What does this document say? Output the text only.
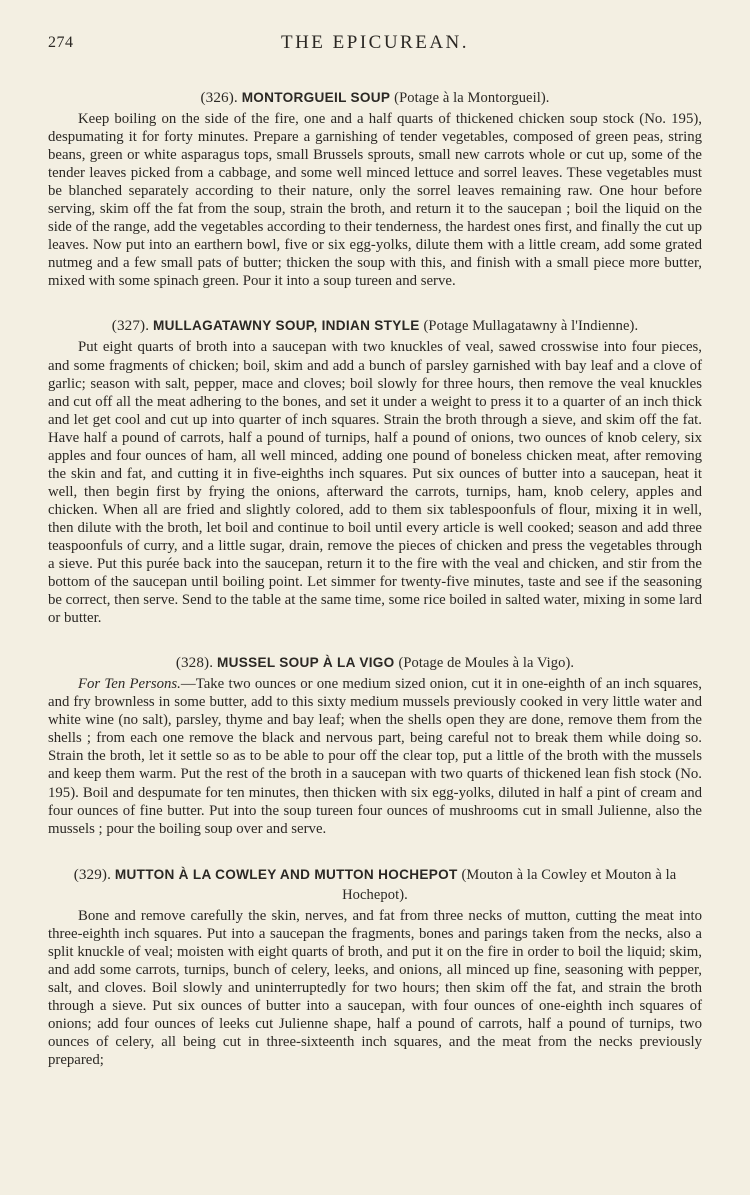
274	THE EPICUREAN.
(326). MONTORGUEIL SOUP (Potage à la Montorgueil).

Keep boiling on the side of the fire, one and a half quarts of thickened chicken soup stock (No. 195), despumating it for forty minutes. Prepare a garnishing of tender vegetables, composed of green peas, string beans, green or white asparagus tops, small Brussels sprouts, small new carrots whole or cut up, some of the tender leaves picked from a cabbage, and some well minced lettuce and sorrel leaves. These vegetables must be blanched separately according to their nature, only the sorrel leaves remaining raw. One hour before serving, skim off the fat from the soup, strain the broth, and return it to the saucepan ; boil the liquid on the side of the range, add the vegetables according to their tenderness, the hardest ones first, and finally the cut up leaves. Now put into an earthern bowl, five or six egg-yolks, dilute them with a little cream, add some grated nutmeg and a few small pats of butter; thicken the soup with this, and finish with a small piece more butter, mixed with some spinach green. Pour it into a soup tureen and serve.

(327). MULLAGATAWNY SOUP, INDIAN STYLE (Potage Mullagatawny à l'Indienne).

Put eight quarts of broth into a saucepan with two knuckles of veal, sawed crosswise into four pieces, and some fragments of chicken; boil, skim and add a bunch of parsley garnished with bay leaf and a clove of garlic; season with salt, pepper, mace and cloves; boil slowly for three hours, then remove the veal knuckles and cut off all the meat adhering to the bones, and set it under a weight to press it to a quarter of an inch thick and let get cool and cut up into quarter of inch squares. Strain the broth through a sieve, and skim off the fat. Have half a pound of carrots, half a pound of turnips, half a pound of onions, two ounces of knob celery, six apples and four ounces of ham, all well minced, adding one pound of boneless chicken meat, after removing the skin and fat, and cutting it in five-eighths inch squares. Put six ounces of butter into a saucepan, heat it well, then begin first by frying the onions, afterward the carrots, turnips, ham, knob celery, apples and chicken. When all are fried and slightly colored, add to them six tablespoonfuls of flour, mixing it in well, then dilute with the broth, let boil and continue to boil until every article is well cooked; season and add three teaspoonfuls of curry, and a little sugar, drain, remove the pieces of chicken and press the vegetables through a sieve. Put this purée back into the saucepan, return it to the fire with the veal and chicken, and stir from the bottom of the saucepan until boiling point. Let simmer for twenty-five minutes, taste and see if the seasoning be correct, then serve. Send to the table at the same time, some rice boiled in salted water, mixing in some lard or butter.

(328). MUSSEL SOUP À LA VIGO (Potage de Moules à la Vigo).

For Ten Persons.—Take two ounces or one medium sized onion, cut it in one-eighth of an inch squares, and fry brownless in some butter, add to this sixty medium mussels previously cooked in very little water and white wine (no salt), parsley, thyme and bay leaf; when the shells open they are done, remove them from the shells ; from each one remove the black and nervous part, being careful not to break them while doing so. Strain the broth, let it settle so as to be able to pour off the clear top, put a little of the broth with the mussels and keep them warm. Put the rest of the broth in a saucepan with two quarts of thickened lean fish stock (No. 195). Boil and despumate for ten minutes, then thicken with six egg-yolks, diluted in half a pint of cream and four ounces of fine butter. Put into the soup tureen four ounces of mushrooms cut in small Julienne, also the mussels ; pour the boiling soup over and serve.

(329). MUTTON À LA COWLEY AND MUTTON HOCHEPOT (Mouton à la Cowley et Mouton à la Hochepot).

Bone and remove carefully the skin, nerves, and fat from three necks of mutton, cutting the meat into three-eighth inch squares. Put into a saucepan the fragments, bones and parings taken from the necks, also a split knuckle of veal; moisten with eight quarts of broth, and put it on the fire in order to boil the liquid; skim, and add some carrots, turnips, bunch of celery, leeks, and onions, all minced up fine, seasoning with pepper, salt, and cloves. Boil slowly and uninterruptedly for two hours; then skim off the fat, and strain the broth through a sieve. Put six ounces of butter into a saucepan, with four ounces of one-eighth inch squares of onions; add four ounces of leeks cut Julienne shape, half a pound of carrots, half a pound of turnips, two ounces of celery, all being cut in three-sixteenth inch squares, and the meat from the necks previously prepared;
